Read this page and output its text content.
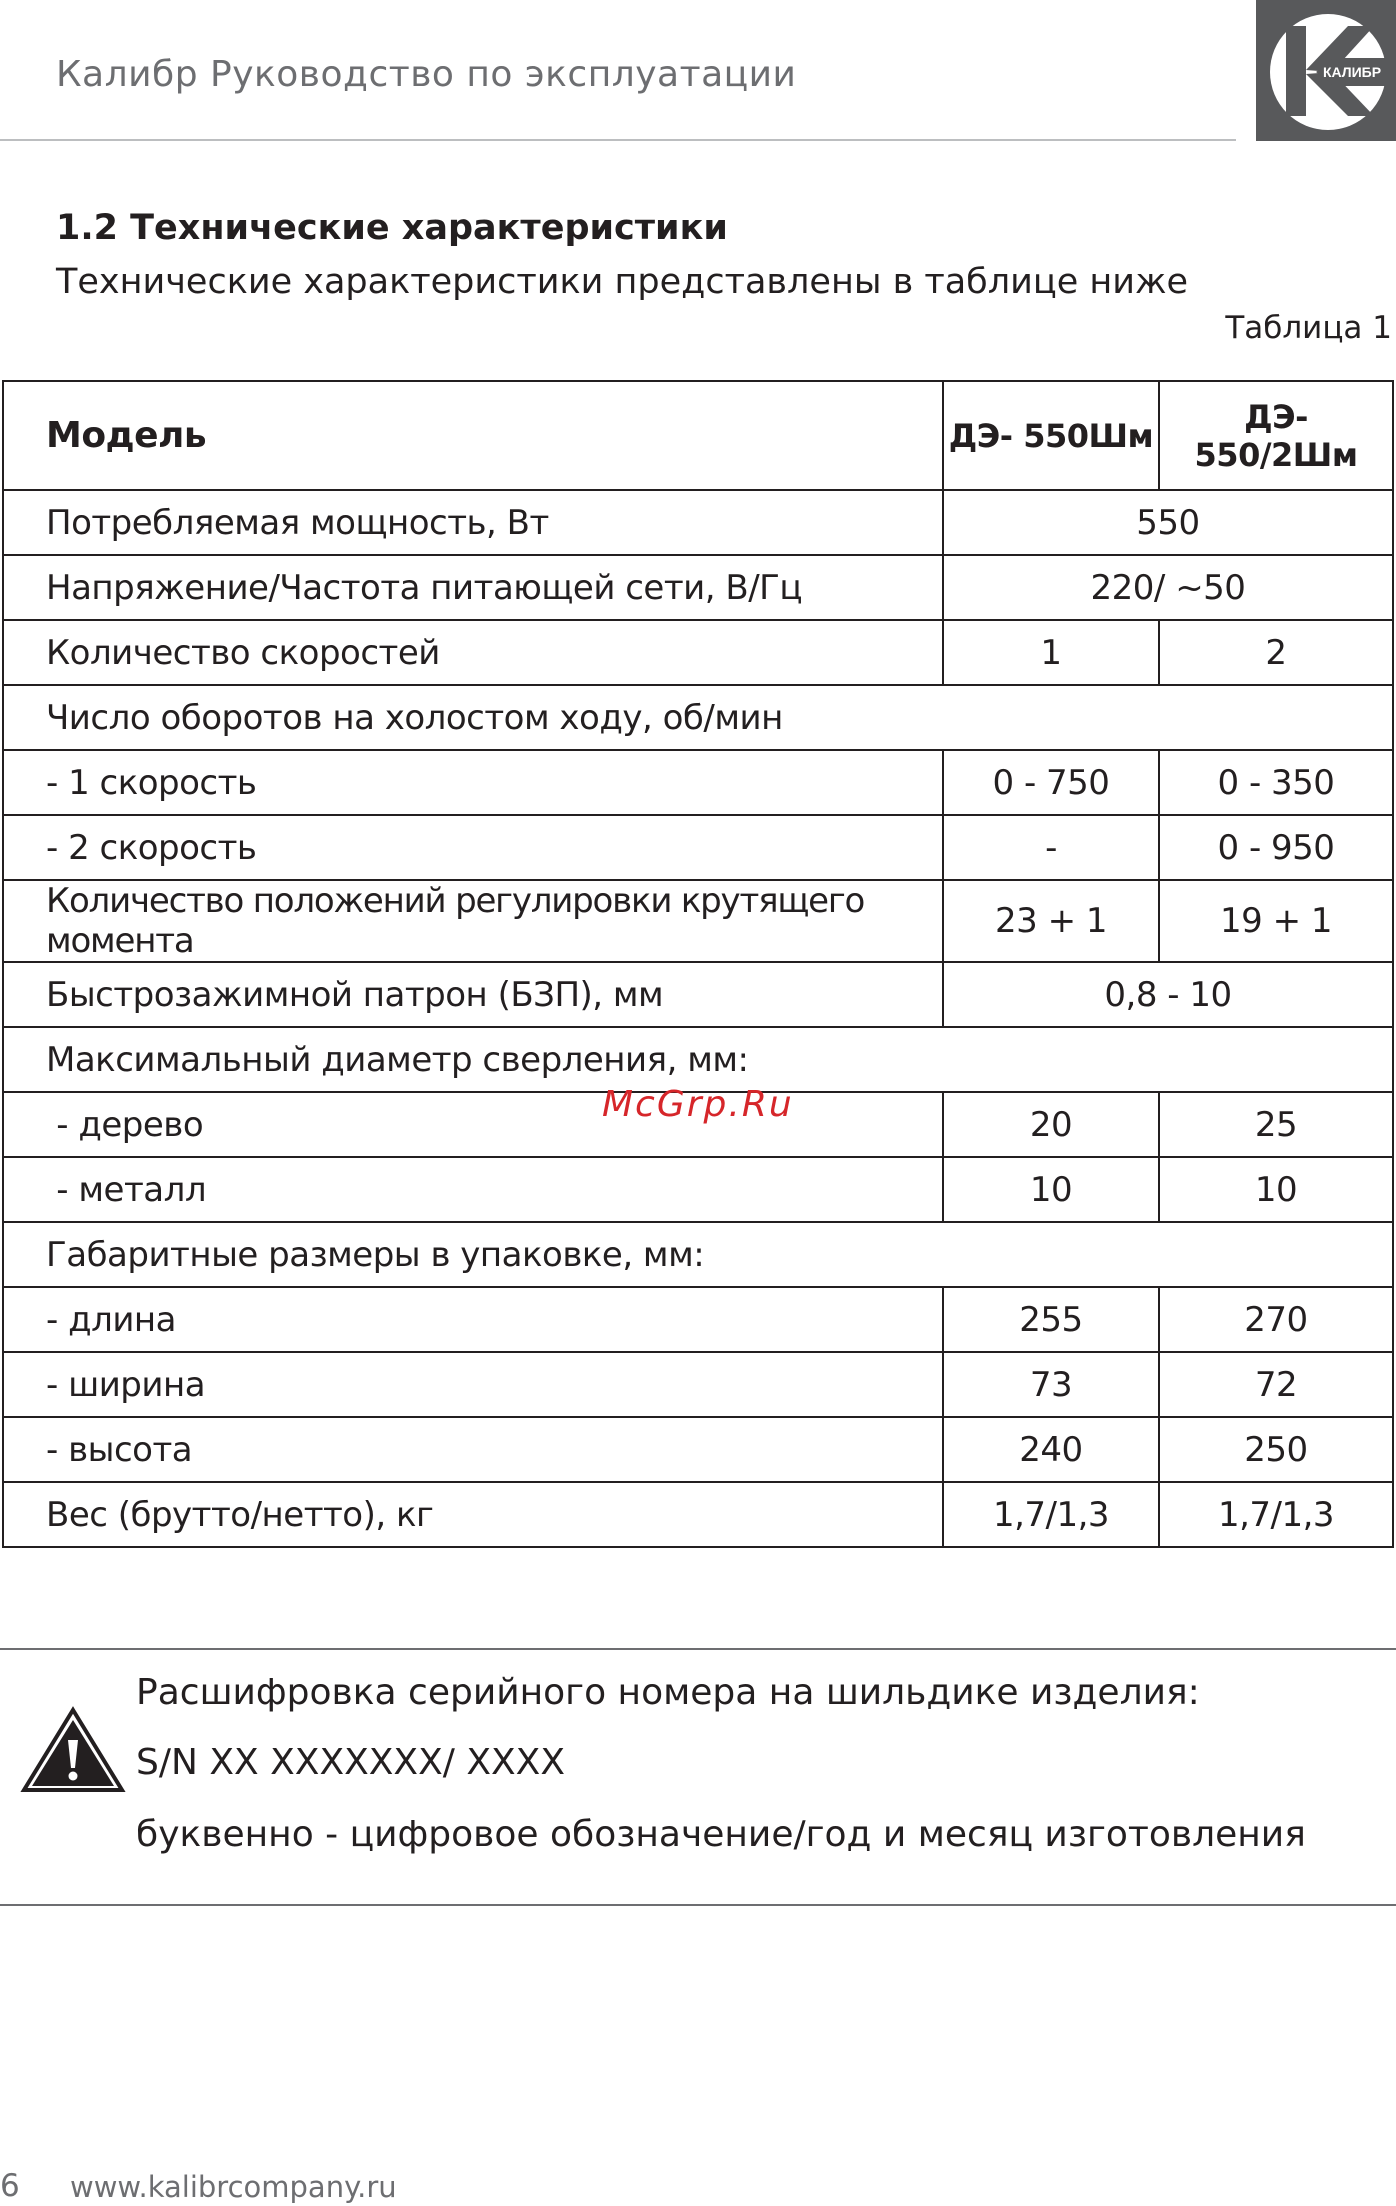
Калибр Руководство по эксплуатации	КАЛИБР
1.2 Технические характеристики
Технические характеристики представлены в таблице ниже
Таблица 1
Модель	ДЭ- 550Шм	ДЭ- 550/2Шм
Потребляемая мощность, Вт	550	
Напряжение/Частота питающей сети, В/Гц	220/ ~50	
Количество скоростей	1	2
Число оборотов на холостом ходу, об/мин		
- 1 скорость	0 - 750	0 - 350
- 2 скорость	-	0 - 950
Количество положений регулировки крутящего момента	23 + 1	19 + 1
Быстрозажимной патрон (БЗП), мм	0,8 - 10	
Максимальный диаметр сверления, мм:		
- дерево	20	25
- металл	10	10
Габаритные размеры в упаковке, мм:		
- длина	255	270
- ширина	73	72
- высота	240	250
Вес (брутто/нетто), кг	1,7/1,3	1,7/1,3
McGrp.Ru
Расшифровка серийного номера на шильдике изделия:
S/N XX XXXXXXX/ XXXX
буквенно - цифровое обозначение/год и месяц изготовления
6 www.kalibrcompany.ru
